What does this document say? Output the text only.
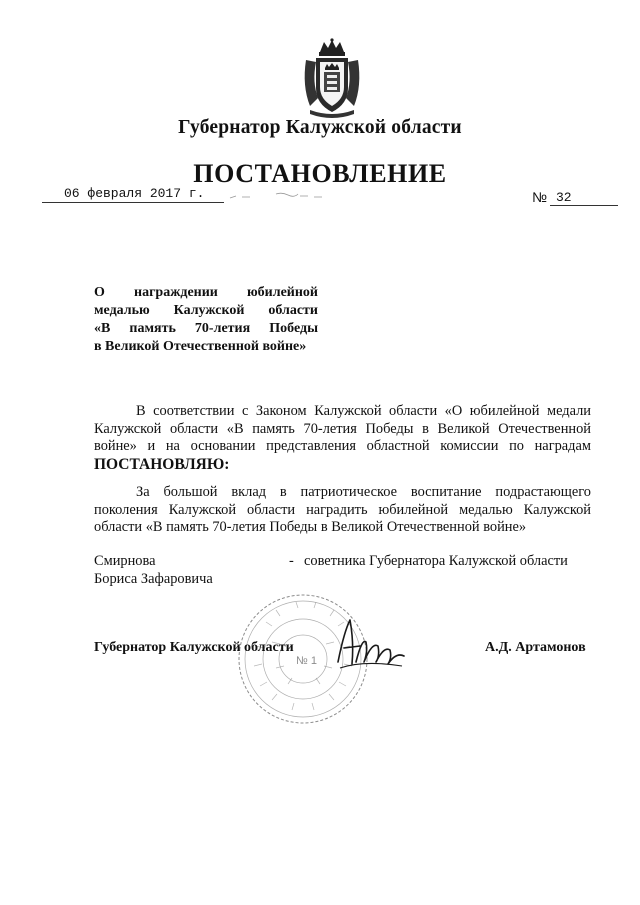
Губернатор Калужской области
ПОСТАНОВЛЕНИЕ
06 февраля 2017 г.	№ 32
О награждении юбилейной
медалью Калужской области
«В память 70-летия Победы
в Великой Отечественной войне»
В соответствии с Законом Калужской области «О юбилейной медали Калужской области «В память 70-летия Победы в Великой Отечественной войне» и на основании представления областной комиссии по наградам ПОСТАНОВЛЯЮ:
За большой вклад в патриотическое воспитание подрастающего поколения Калужской области наградить юбилейной медалью Калужской области «В память 70-летия Победы в Великой Отечественной войне»
Смирнова
Бориса Зафаровича
- советника Губернатора Калужской области
№ 1
Губернатор Калужской области	А.Д. Артамонов
